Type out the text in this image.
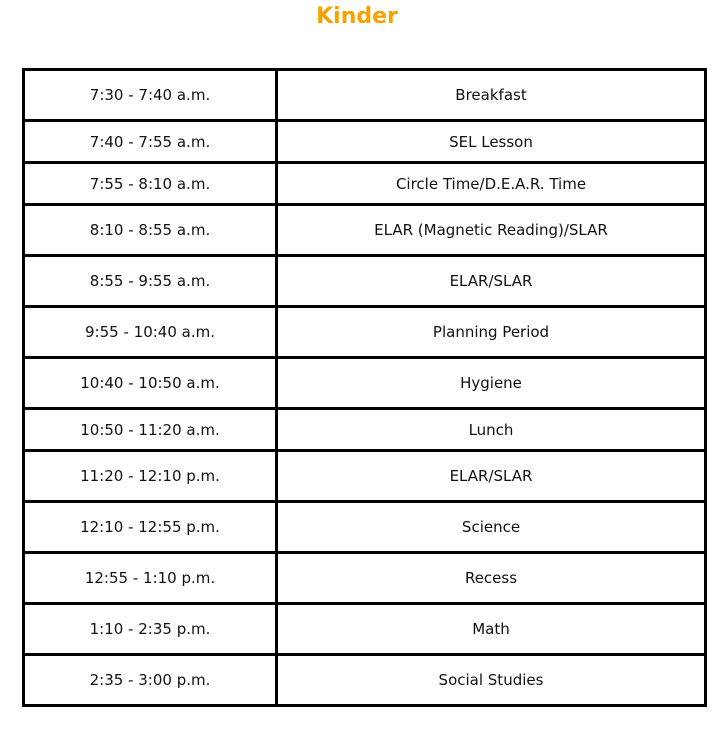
Kinder
7:30 - 7:40 a.m.	Breakfast
7:40 - 7:55 a.m.	SEL Lesson
7:55 - 8:10 a.m.	Circle Time/D.E.A.R. Time
8:10 - 8:55 a.m.	ELAR (Magnetic Reading)/SLAR
8:55 - 9:55 a.m.	ELAR/SLAR
9:55 - 10:40 a.m.	Planning Period
10:40 - 10:50 a.m.	Hygiene
10:50 - 11:20 a.m.	Lunch
11:20 - 12:10 p.m.	ELAR/SLAR
12:10 - 12:55 p.m.	Science
12:55 - 1:10 p.m.	Recess
1:10 - 2:35 p.m.	Math
2:35 - 3:00 p.m.	Social Studies
